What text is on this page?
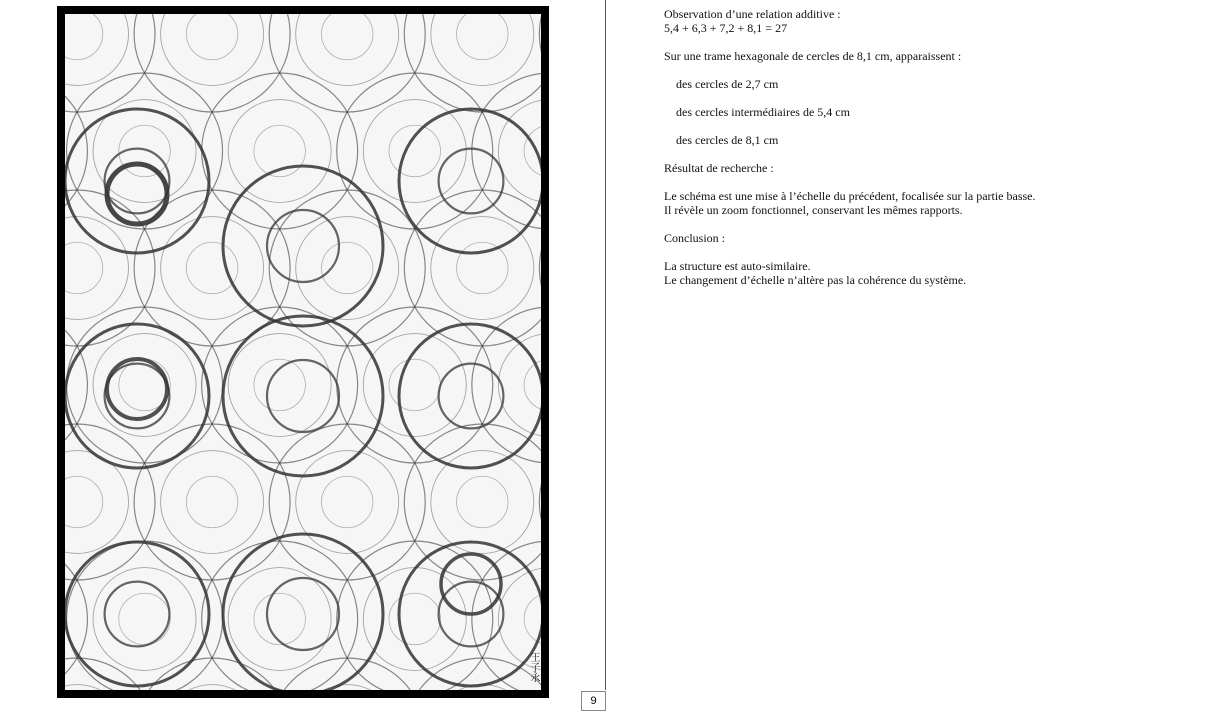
王子永
9

Observation d’une relation additive :

5,4 + 6,3 + 7,2 + 8,1 = 27

Sur une trame hexagonale de cercles de 8,1 cm, apparaissent :

des cercles de 2,7 cm

des cercles intermédiaires de 5,4 cm

des cercles de 8,1 cm

Résultat de recherche :

Le schéma est une mise à l’échelle du précédent, focalisée sur la partie basse.

Il révèle un zoom fonctionnel, conservant les mêmes rapports.

Conclusion :

La structure est auto-similaire.

Le changement d’échelle n’altère pas la cohérence du système.
